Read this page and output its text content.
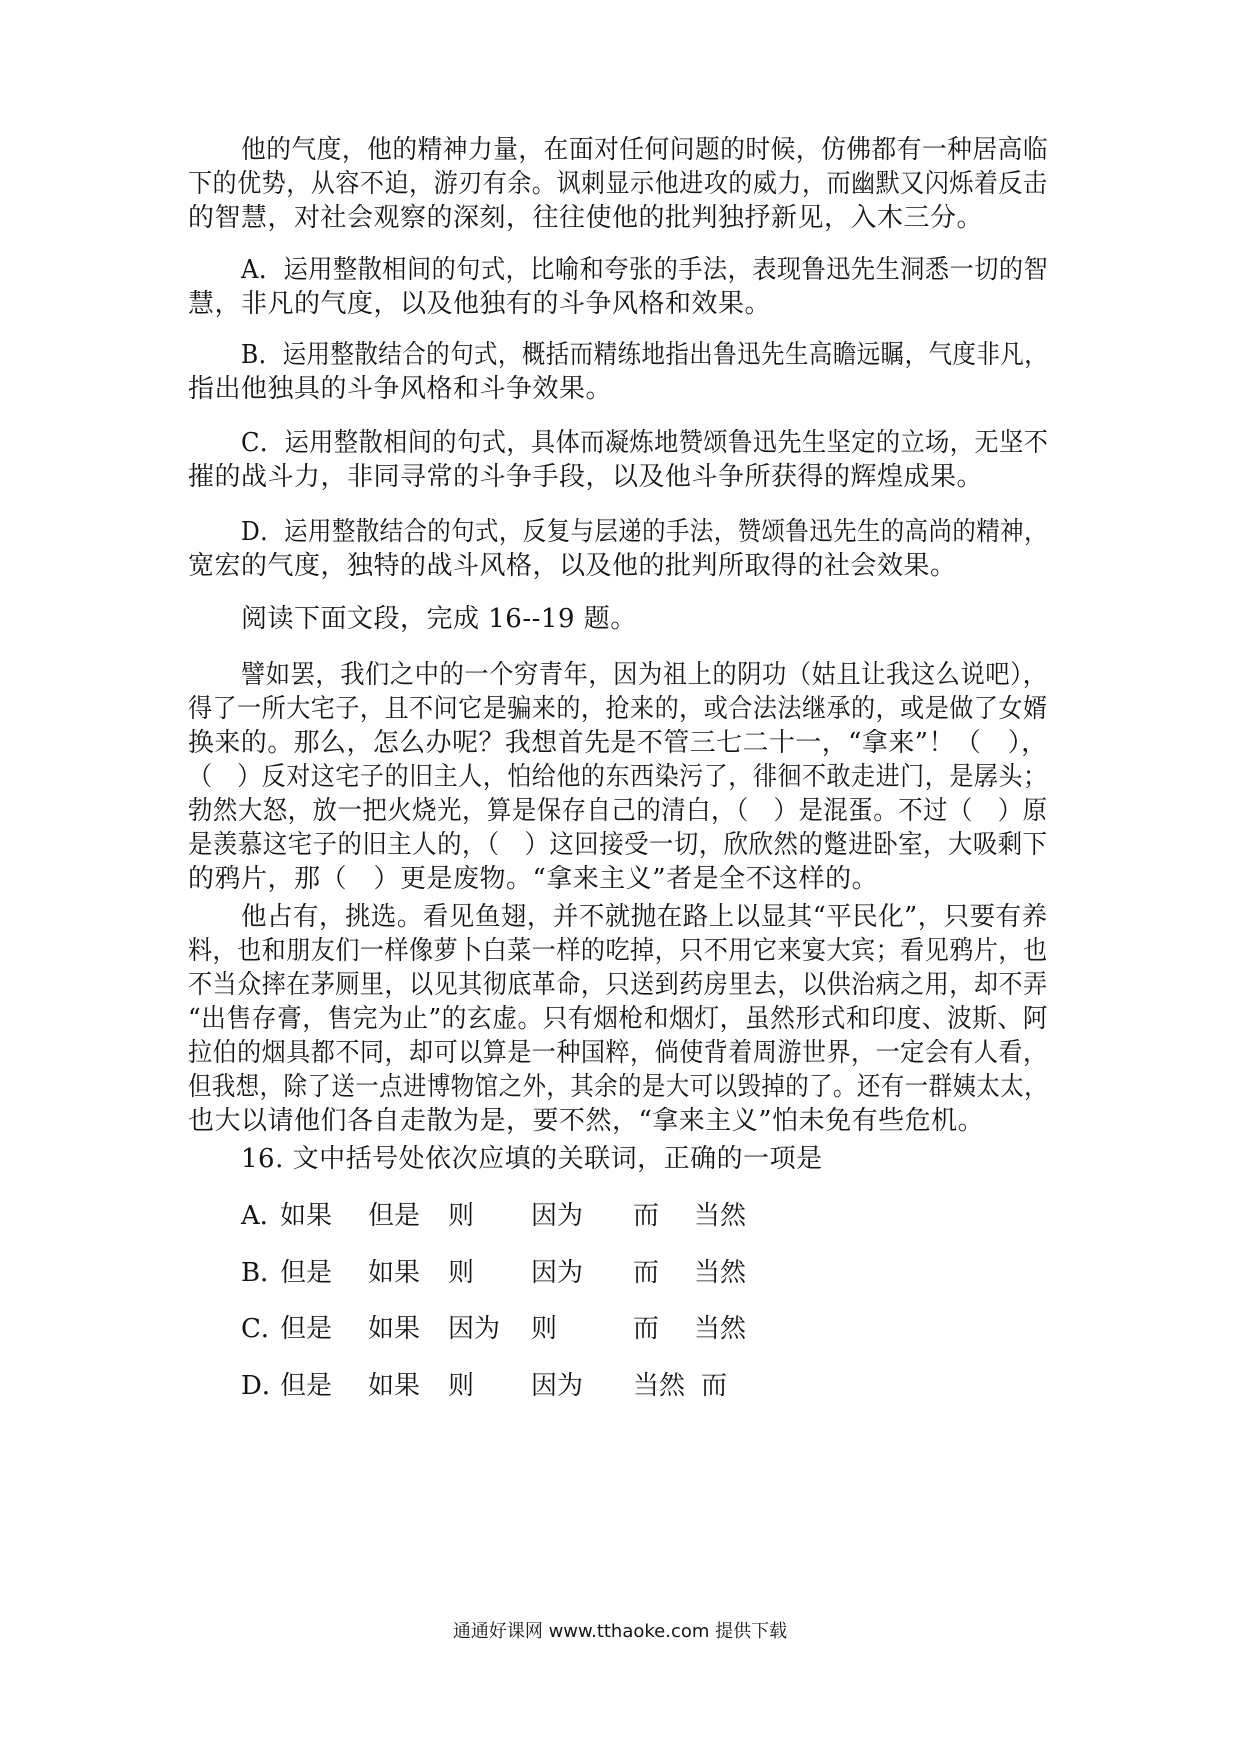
他的气度，他的精神力量，在面对任何问题的时候，仿佛都有一种居高临
下的优势，从容不迫，游刃有余。讽刺显示他进攻的威力，而幽默又闪烁着反击
的智慧，对社会观察的深刻，往往使他的批判独抒新见，入木三分。
A．运用整散相间的句式，比喻和夸张的手法，表现鲁迅先生洞悉一切的智
慧，非凡的气度，以及他独有的斗争风格和效果。
B．运用整散结合的句式，概括而精练地指出鲁迅先生高瞻远瞩，气度非凡，
指出他独具的斗争风格和斗争效果。
C．运用整散相间的句式，具体而凝炼地赞颂鲁迅先生坚定的立场，无坚不
摧的战斗力，非同寻常的斗争手段，以及他斗争所获得的辉煌成果。
D．运用整散结合的句式，反复与层递的手法，赞颂鲁迅先生的高尚的精神，
宽宏的气度，独特的战斗风格，以及他的批判所取得的社会效果。
阅读下面文段，完成 16--19 题。
譬如罢，我们之中的一个穷青年，因为祖上的阴功（姑且让我这么说吧），
得了一所大宅子，且不问它是骗来的，抢来的，或合法法继承的，或是做了女婿
换来的。那么，怎么办呢？我想首先是不管三七二十一，“拿来”！（　），
（　）反对这宅子的旧主人，怕给他的东西染污了，徘徊不敢走进门，是孱头；
勃然大怒，放一把火烧光，算是保存自己的清白，（　）是混蛋。不过（　）原
是羡慕这宅子的旧主人的，（　）这回接受一切，欣欣然的蹩进卧室，大吸剩下
的鸦片，那（　）更是废物。“拿来主义”者是全不这样的。
他占有，挑选。看见鱼翅，并不就抛在路上以显其“平民化”，只要有养
料，也和朋友们一样像萝卜白菜一样的吃掉，只不用它来宴大宾；看见鸦片，也
不当众摔在茅厕里，以见其彻底革命，只送到药房里去，以供治病之用，却不弄
“出售存膏，售完为止”的玄虚。只有烟枪和烟灯，虽然形式和印度、波斯、阿
拉伯的烟具都不同，却可以算是一种国粹，倘使背着周游世界，一定会有人看，
但我想，除了送一点进博物馆之外，其余的是大可以毁掉的了。还有一群姨太太，
也大以请他们各自走散为是，要不然，“拿来主义”怕未免有些危机。
16. 文中括号处依次应填的关联词，正确的一项是
A．
如果 但是 则 因为 而 当然
B．
但是 如果 则 因为 而 当然
C．
但是 如果 因为 则	而 当然
D．
但是 如果 则 因为 当然 而
通通好课网 www.tthaoke.com 提供下载
